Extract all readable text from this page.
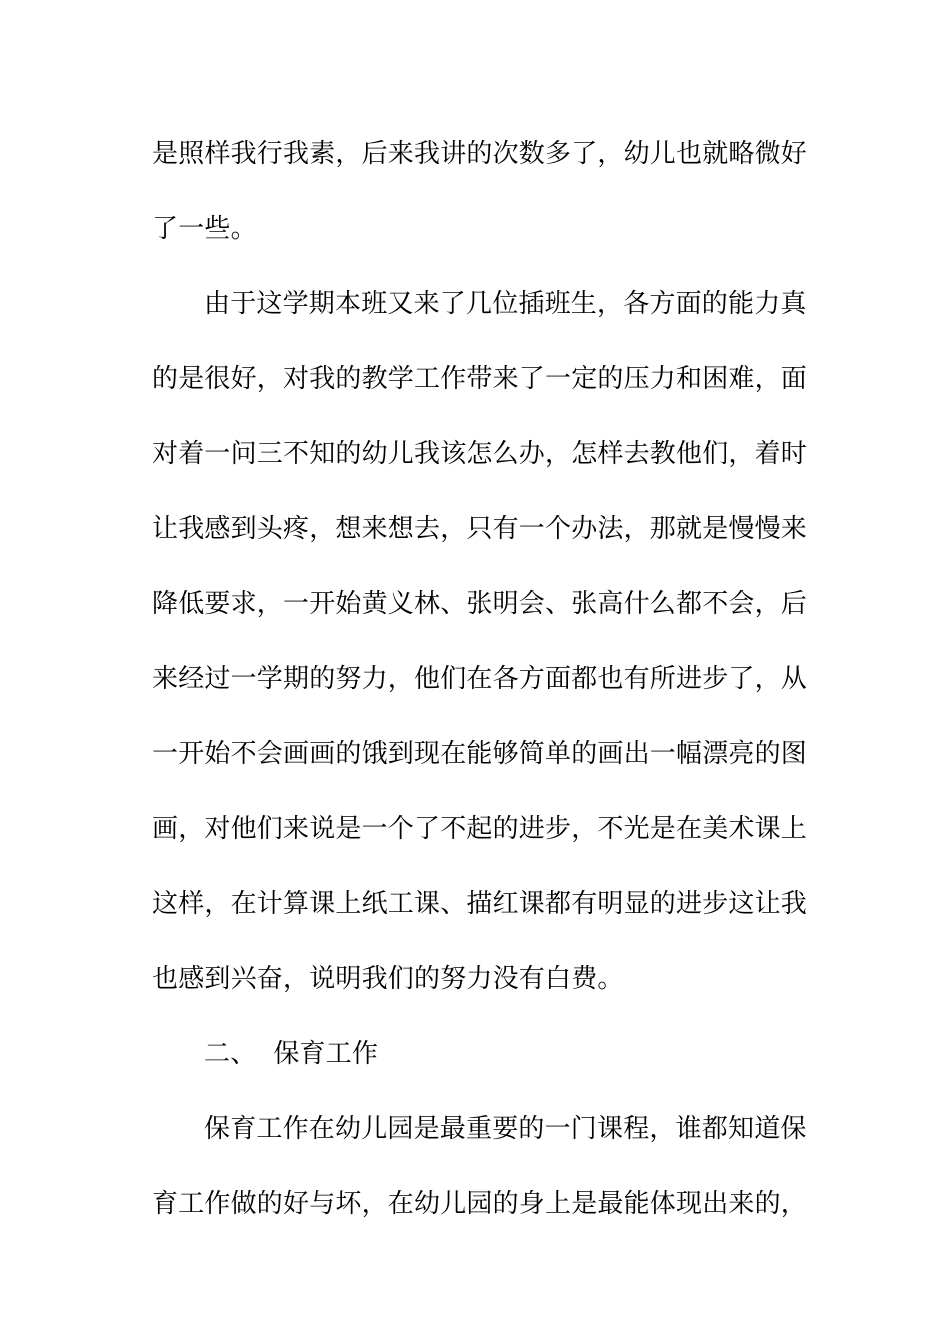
是照样我行我素，后来我讲的次数多了，幼儿也就略微好
了一些。
由于这学期本班又来了几位插班生，各方面的能力真
的是很好，对我的教学工作带来了一定的压力和困难，面
对着一问三不知的幼儿我该怎么办，怎样去教他们，着时
让我感到头疼，想来想去，只有一个办法，那就是慢慢来
降低要求，一开始黄义林、张明会、张高什么都不会，后
来经过一学期的努力，他们在各方面都也有所进步了，从
一开始不会画画的饿到现在能够简单的画出一幅漂亮的图
画，对他们来说是一个了不起的进步，不光是在美术课上
这样，在计算课上纸工课、描红课都有明显的进步这让我
也感到兴奋，说明我们的努力没有白费。
二、  保育工作
保育工作在幼儿园是最重要的一门课程，谁都知道保
育工作做的好与坏，在幼儿园的身上是最能体现出来的，
